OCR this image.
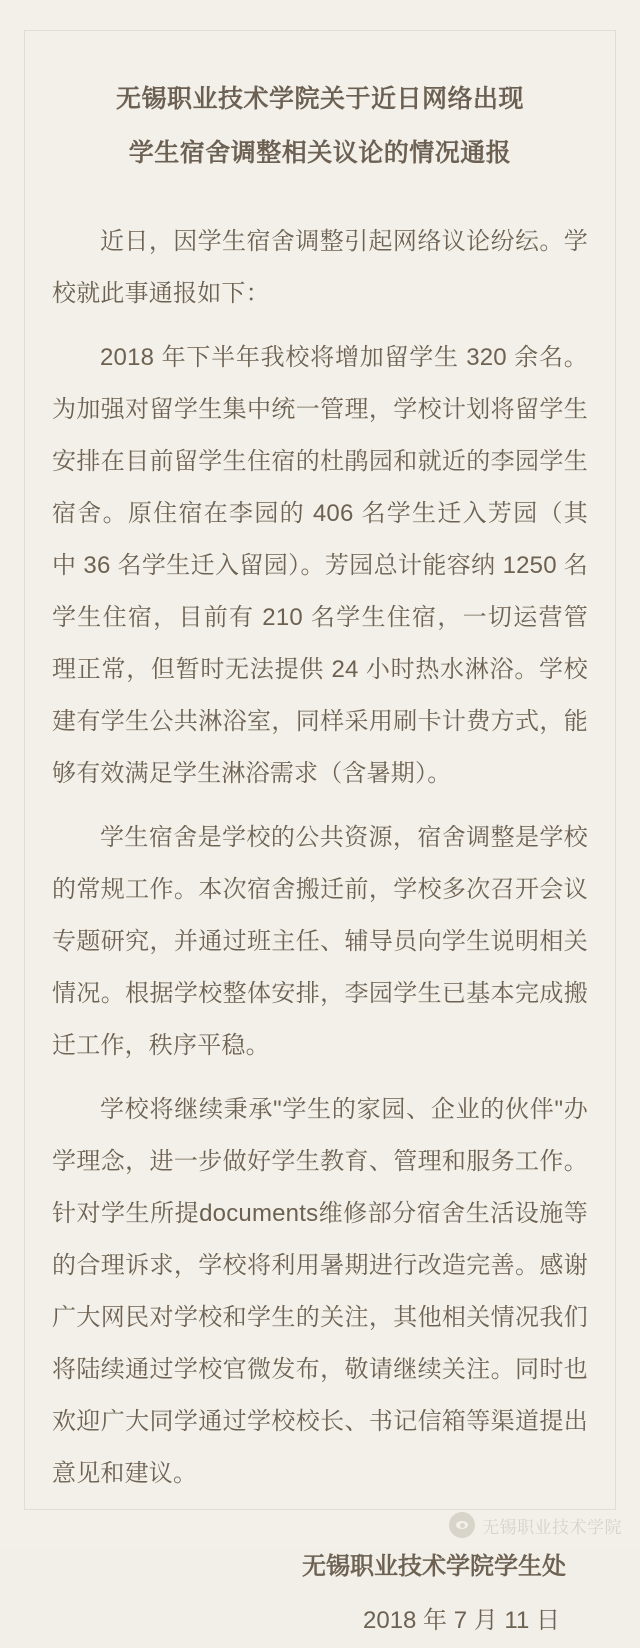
无锡职业技术学院关于近日网络出现
学生宿舍调整相关议论的情况通报

近日，因学生宿舍调整引起网络议论纷纭。学校就此事通报如下：

2018 年下半年我校将增加留学生 320 余名。为加强对留学生集中统一管理，学校计划将留学生安排在目前留学生住宿的杜鹃园和就近的李园学生宿舍。原住宿在李园的 406 名学生迁入芳园（其中 36 名学生迁入留园）。芳园总计能容纳 1250 名学生住宿，目前有 210 名学生住宿，一切运营管理正常，但暂时无法提供 24 小时热水淋浴。学校建有学生公共淋浴室，同样采用刷卡计费方式，能够有效满足学生淋浴需求（含暑期）。

学生宿舍是学校的公共资源，宿舍调整是学校的常规工作。本次宿舍搬迁前，学校多次召开会议专题研究，并通过班主任、辅导员向学生说明相关情况。根据学校整体安排，李园学生已基本完成搬迁工作，秩序平稳。

学校将继续秉承"学生的家园、企业的伙伴"办学理念，进一步做好学生教育、管理和服务工作。针对学生所提documents维修部分宿舍生活设施等的合理诉求，学校将利用暑期进行改造完善。感谢广大网民对学校和学生的关注，其他相关情况我们将陆续通过学校官微发布，敬请继续关注。同时也欢迎广大同学通过学校校长、书记信箱等渠道提出意见和建议。

无锡职业技术学院学生处
2018 年 7 月 11 日
无锡职业技术学院
